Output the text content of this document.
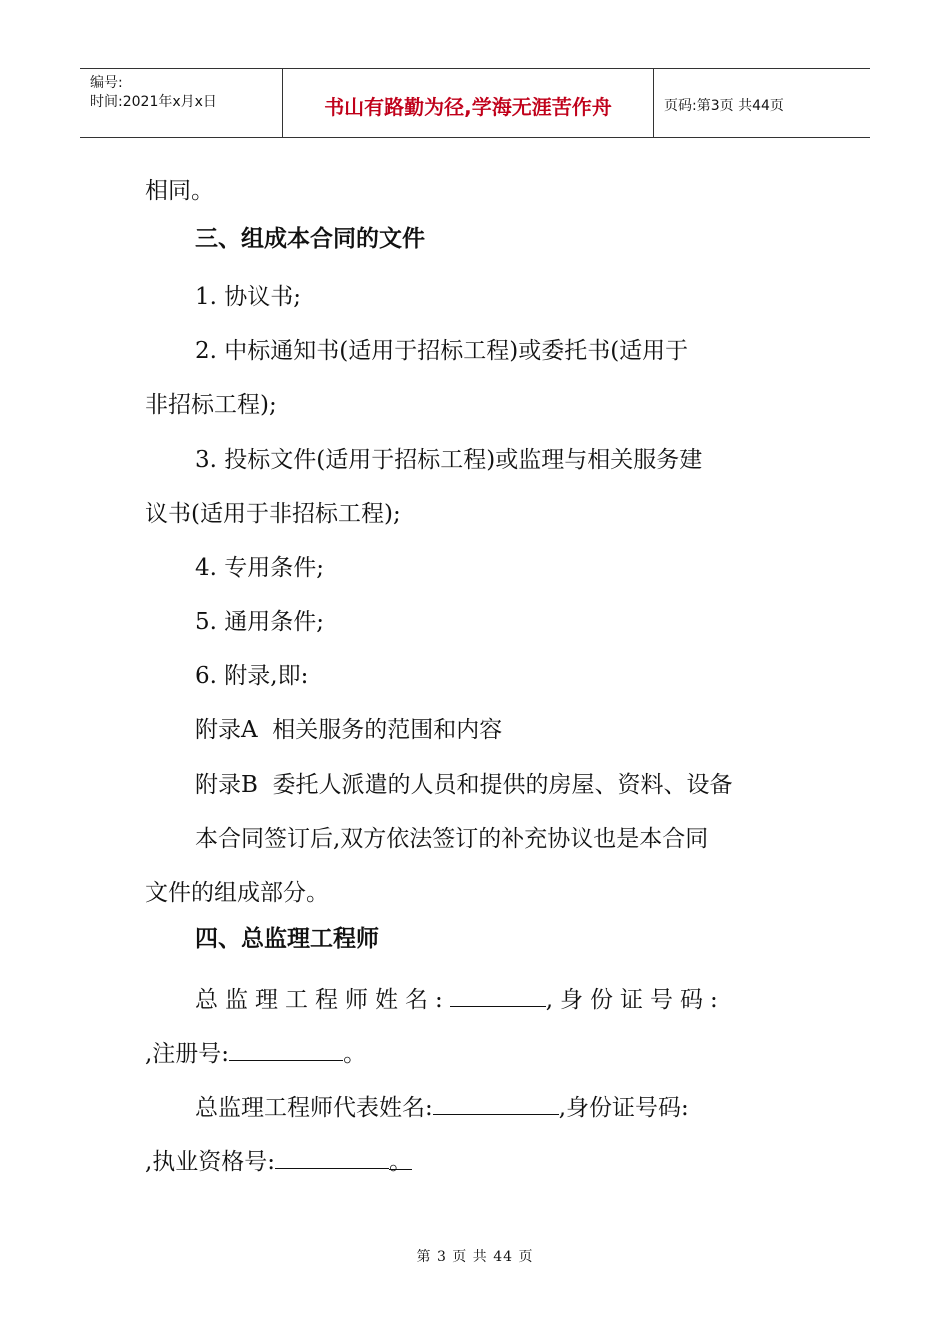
编号:
时间:2021年x月x日	书山有路勤为径,学海无涯苦作舟	页码:第3页 共44页
相同。
三、组成本合同的文件
1. 协议书;
2. 中标通知书(适用于招标工程)或委托书(适用于
非招标工程);
3. 投标文件(适用于招标工程)或监理与相关服务建
议书(适用于非招标工程);
4. 专用条件;
5. 通用条件;
6. 附录,即:
附录A  相关服务的范围和内容
附录B  委托人派遣的人员和提供的房屋、资料、设备
本合同签订后,双方依法签订的补充协议也是本合同
文件的组成部分。
四、总监理工程师
总监理工程师姓名:	,身份证号码:
,注册号:	。
总监理工程师代表姓名:	,身份证号码:
,执业资格号:	。
第 3 页 共 44 页
